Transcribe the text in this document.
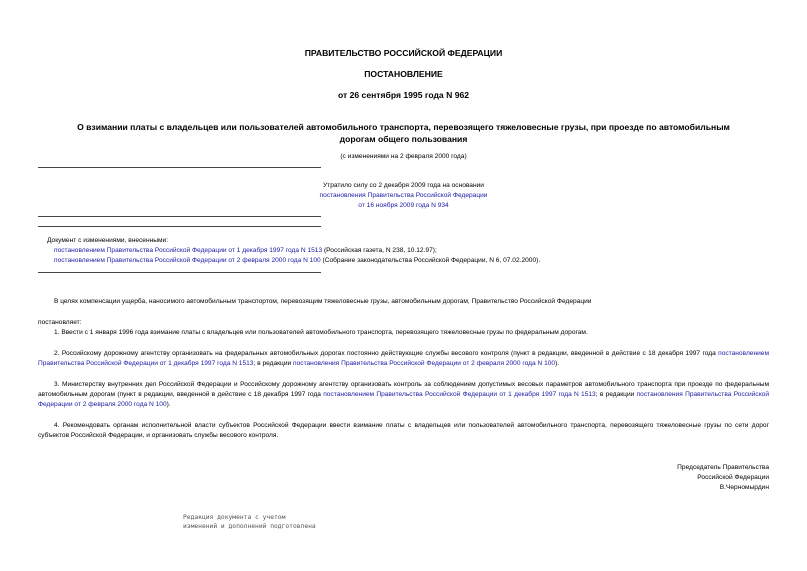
ПРАВИТЕЛЬСТВО РОССИЙСКОЙ ФЕДЕРАЦИИ
ПОСТАНОВЛЕНИЕ
от 26 сентября 1995 года N 962
О взимании платы с владельцев или пользователей автомобильного транспорта, перевозящего тяжеловесные грузы, при проезде по автомобильным дорогам общего пользования
(с изменениями на 2 февраля 2000 года)
Утратило силу со 2 декабря 2009 года на основании
постановления Правительства Российской Федерации
от 16 ноября 2009 года N 934
Документ с изменениями, внесенными:
постановлением Правительства Российской Федерации от 1 декабря 1997 года N 1513 (Российская газета, N 238, 10.12.97);
постановлением Правительства Российской Федерации от 2 февраля 2000 года N 100 (Собрание законодательства Российской Федерации, N 6, 07.02.2000).
В целях компенсации ущерба, наносимого автомобильным транспортом, перевозящим тяжеловесные грузы, автомобильным дорогам, Правительство Российской Федерации
постановляет:
1. Ввести с 1 января 1996 года взимание платы с владельцев или пользователей автомобильного транспорта, перевозящего тяжеловесные грузы по федеральным дорогам.
2. Российскому дорожному агентству организовать на федеральных автомобильных дорогах постоянно действующие службы весового контроля (пункт в редакции, введенной в действие с 18 декабря 1997 года постановлением Правительства Российской Федерации от 1 декабря 1997 года N 1513; в редакции постановления Правительства Российской Федерации от 2 февраля 2000 года N 100).
3. Министерству внутренних дел Российской Федерации и Российскому дорожному агентству организовать контроль за соблюдением допустимых весовых параметров автомобильного транспорта при проезде по федеральным автомобильным дорогам (пункт в редакции, введенной в действие с 18 декабря 1997 года постановлением Правительства Российской Федерации от 1 декабря 1997 года N 1513; в редакции постановления Правительства Российской Федерации от 2 февраля 2000 года N 100).
4. Рекомендовать органам исполнительной власти субъектов Российской Федерации ввести взимание платы с владельцев или пользователей автомобильного транспорта, перевозящего тяжеловесные грузы по сети дорог субъектов Российской Федерации, и организовать службы весового контроля.
Председатель Правительства
Российской Федерации
В.Черномырдин
Редакция документа с учетом
изменений и дополнений подготовлена
